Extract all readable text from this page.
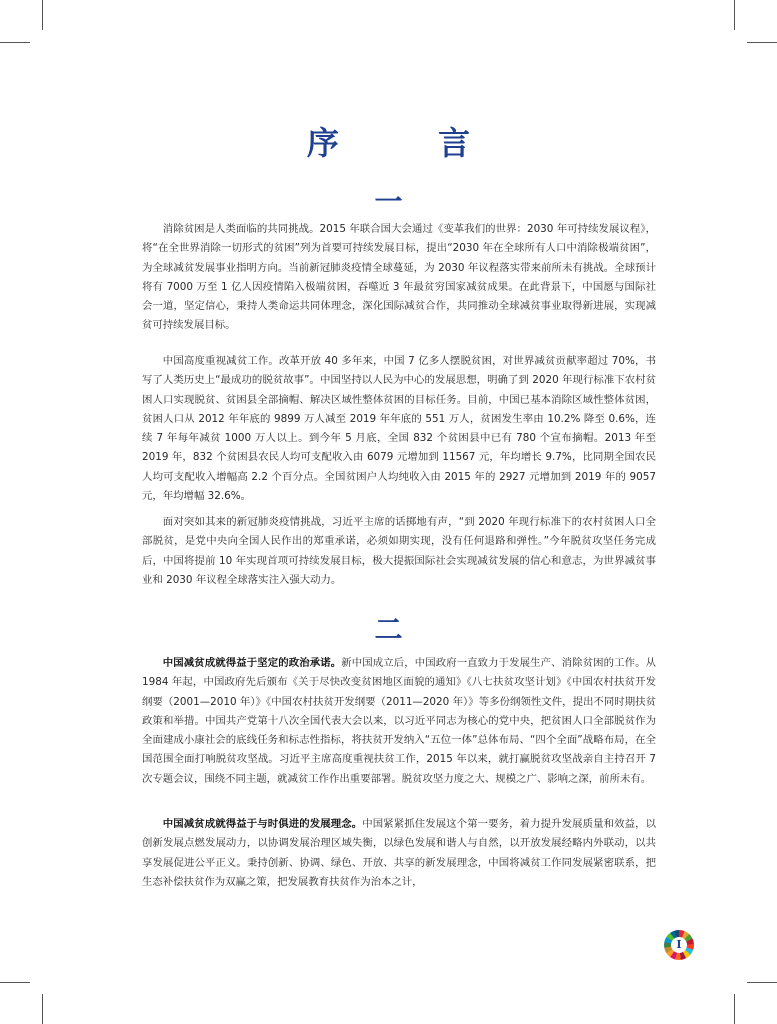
序 言
一

消除贫困是人类面临的共同挑战。2015 年联合国大会通过《变革我们的世界：2030 年可持续发展议程》，将“在全世界消除一切形式的贫困”列为首要可持续发展目标，提出“2030 年在全球所有人口中消除极端贫困”，为全球减贫发展事业指明方向。当前新冠肺炎疫情全球蔓延，为 2030 年议程落实带来前所未有挑战。全球预计将有 7000 万至 1 亿人因疫情陷入极端贫困，吞噬近 3 年最贫穷国家减贫成果。在此背景下，中国愿与国际社会一道，坚定信心，秉持人类命运共同体理念，深化国际减贫合作，共同推动全球减贫事业取得新进展，实现减贫可持续发展目标。

中国高度重视减贫工作。改革开放 40 多年来，中国 7 亿多人摆脱贫困，对世界减贫贡献率超过 70%，书写了人类历史上“最成功的脱贫故事”。中国坚持以人民为中心的发展思想，明确了到 2020 年现行标准下农村贫困人口实现脱贫、贫困县全部摘帽、解决区域性整体贫困的目标任务。目前，中国已基本消除区域性整体贫困，贫困人口从 2012 年年底的 9899 万人减至 2019 年年底的 551 万人，贫困发生率由 10.2% 降至 0.6%，连续 7 年每年减贫 1000 万人以上。到今年 5 月底，全国 832 个贫困县中已有 780 个宣布摘帽。2013 年至 2019 年，832 个贫困县农民人均可支配收入由 6079 元增加到 11567 元，年均增长 9.7%，比同期全国农民人均可支配收入增幅高 2.2 个百分点。全国贫困户人均纯收入由 2015 年的 2927 元增加到 2019 年的 9057 元，年均增幅 32.6%。

面对突如其来的新冠肺炎疫情挑战，习近平主席的话掷地有声，“到 2020 年现行标准下的农村贫困人口全部脱贫，是党中央向全国人民作出的郑重承诺，必须如期实现，没有任何退路和弹性。”今年脱贫攻坚任务完成后，中国将提前 10 年实现首项可持续发展目标，极大提振国际社会实现减贫发展的信心和意志，为世界减贫事业和 2030 年议程全球落实注入强大动力。

二

中国减贫成就得益于坚定的政治承诺。新中国成立后，中国政府一直致力于发展生产、消除贫困的工作。从 1984 年起，中国政府先后颁布《关于尽快改变贫困地区面貌的通知》《八七扶贫攻坚计划》《中国农村扶贫开发纲要（2001—2010 年）》《中国农村扶贫开发纲要（2011—2020 年）》等多份纲领性文件，提出不同时期扶贫政策和举措。中国共产党第十八次全国代表大会以来，以习近平同志为核心的党中央，把贫困人口全部脱贫作为全面建成小康社会的底线任务和标志性指标，将扶贫开发纳入“五位一体”总体布局、“四个全面”战略布局，在全国范围全面打响脱贫攻坚战。习近平主席高度重视扶贫工作，2015 年以来，就打赢脱贫攻坚战亲自主持召开 7 次专题会议，围绕不同主题，就减贫工作作出重要部署。脱贫攻坚力度之大、规模之广、影响之深，前所未有。

中国减贫成就得益于与时俱进的发展理念。中国紧紧抓住发展这个第一要务，着力提升发展质量和效益，以创新发展点燃发展动力，以协调发展治理区域失衡，以绿色发展和谐人与自然，以开放发展经略内外联动，以共享发展促进公平正义。秉持创新、协调、绿色、开放、共享的新发展理念，中国将减贫工作同发展紧密联系，把生态补偿扶贫作为双赢之策，把发展教育扶贫作为治本之计，

I
